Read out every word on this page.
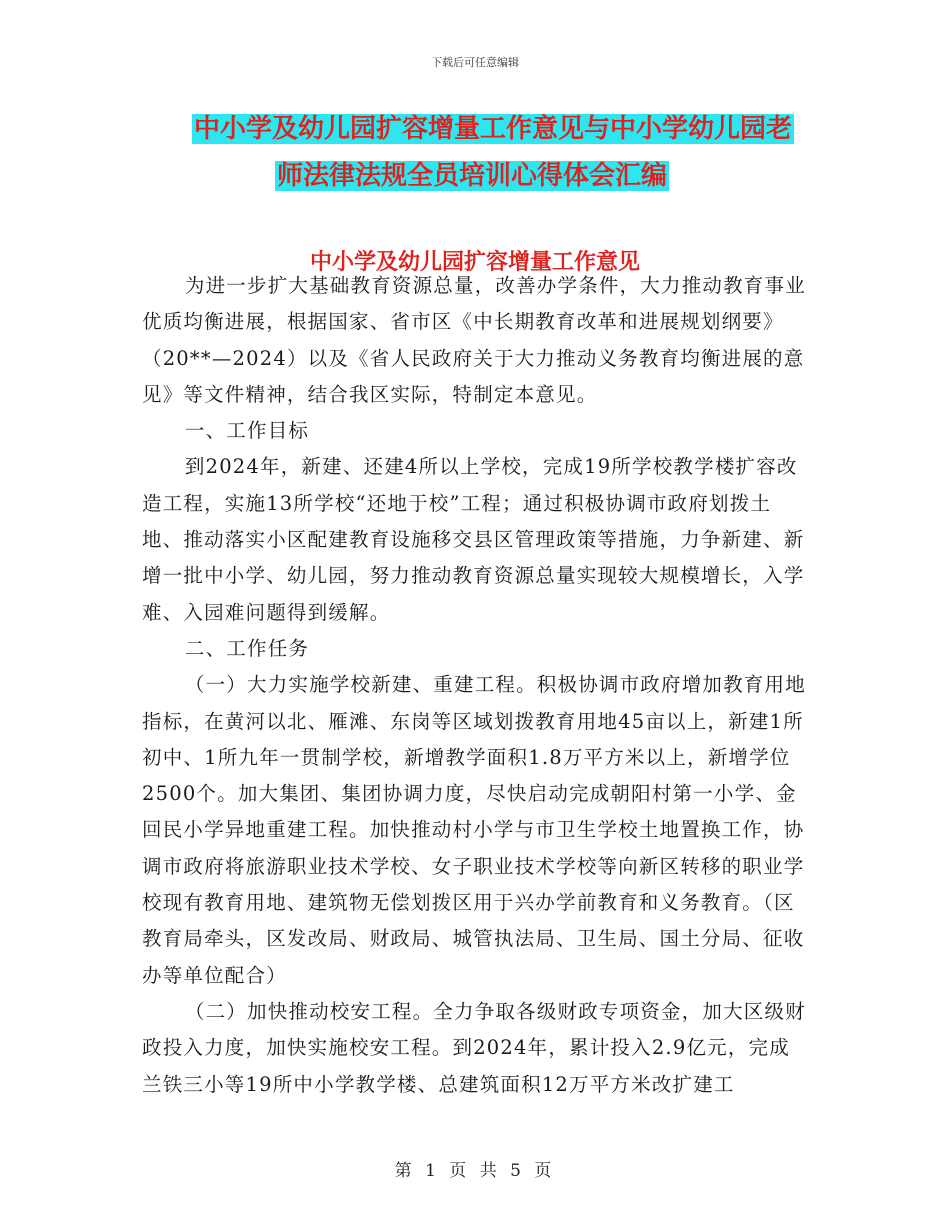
下载后可任意编辑
中小学及幼儿园扩容增量工作意见与中小学幼儿园老
师法律法规全员培训心得体会汇编
中小学及幼儿园扩容增量工作意见

为进一步扩大基础教育资源总量，改善办学条件，大力推动教育事业优质均衡进展，根据国家、省市区《中长期教育改革和进展规划纲要》（20**—2024）以及《省人民政府关于大力推动义务教育均衡进展的意见》等文件精神，结合我区实际，特制定本意见。

一、工作目标

到2024年，新建、还建4所以上学校，完成19所学校教学楼扩容改造工程，实施13所学校“还地于校”工程；通过积极协调市政府划拨土地、推动落实小区配建教育设施移交县区管理政策等措施，力争新建、新增一批中小学、幼儿园，努力推动教育资源总量实现较大规模增长，入学难、入园难问题得到缓解。

二、工作任务

（一）大力实施学校新建、重建工程。积极协调市政府增加教育用地指标，在黄河以北、雁滩、东岗等区域划拨教育用地45亩以上，新建1所初中、1所九年一贯制学校，新增教学面积1.8万平方米以上，新增学位2500个。加大集团、集团协调力度，尽快启动完成朝阳村第一小学、金回民小学异地重建工程。加快推动村小学与市卫生学校土地置换工作，协调市政府将旅游职业技术学校、女子职业技术学校等向新区转移的职业学校现有教育用地、建筑物无偿划拨区用于兴办学前教育和义务教育。（区教育局牵头，区发改局、财政局、城管执法局、卫生局、国土分局、征收办等单位配合）

（二）加快推动校安工程。全力争取各级财政专项资金，加大区级财政投入力度，加快实施校安工程。到2024年，累计投入2.9亿元，完成兰铁三小等19所中小学教学楼、总建筑面积12万平方米改扩建工

第 1 页 共 5 页
